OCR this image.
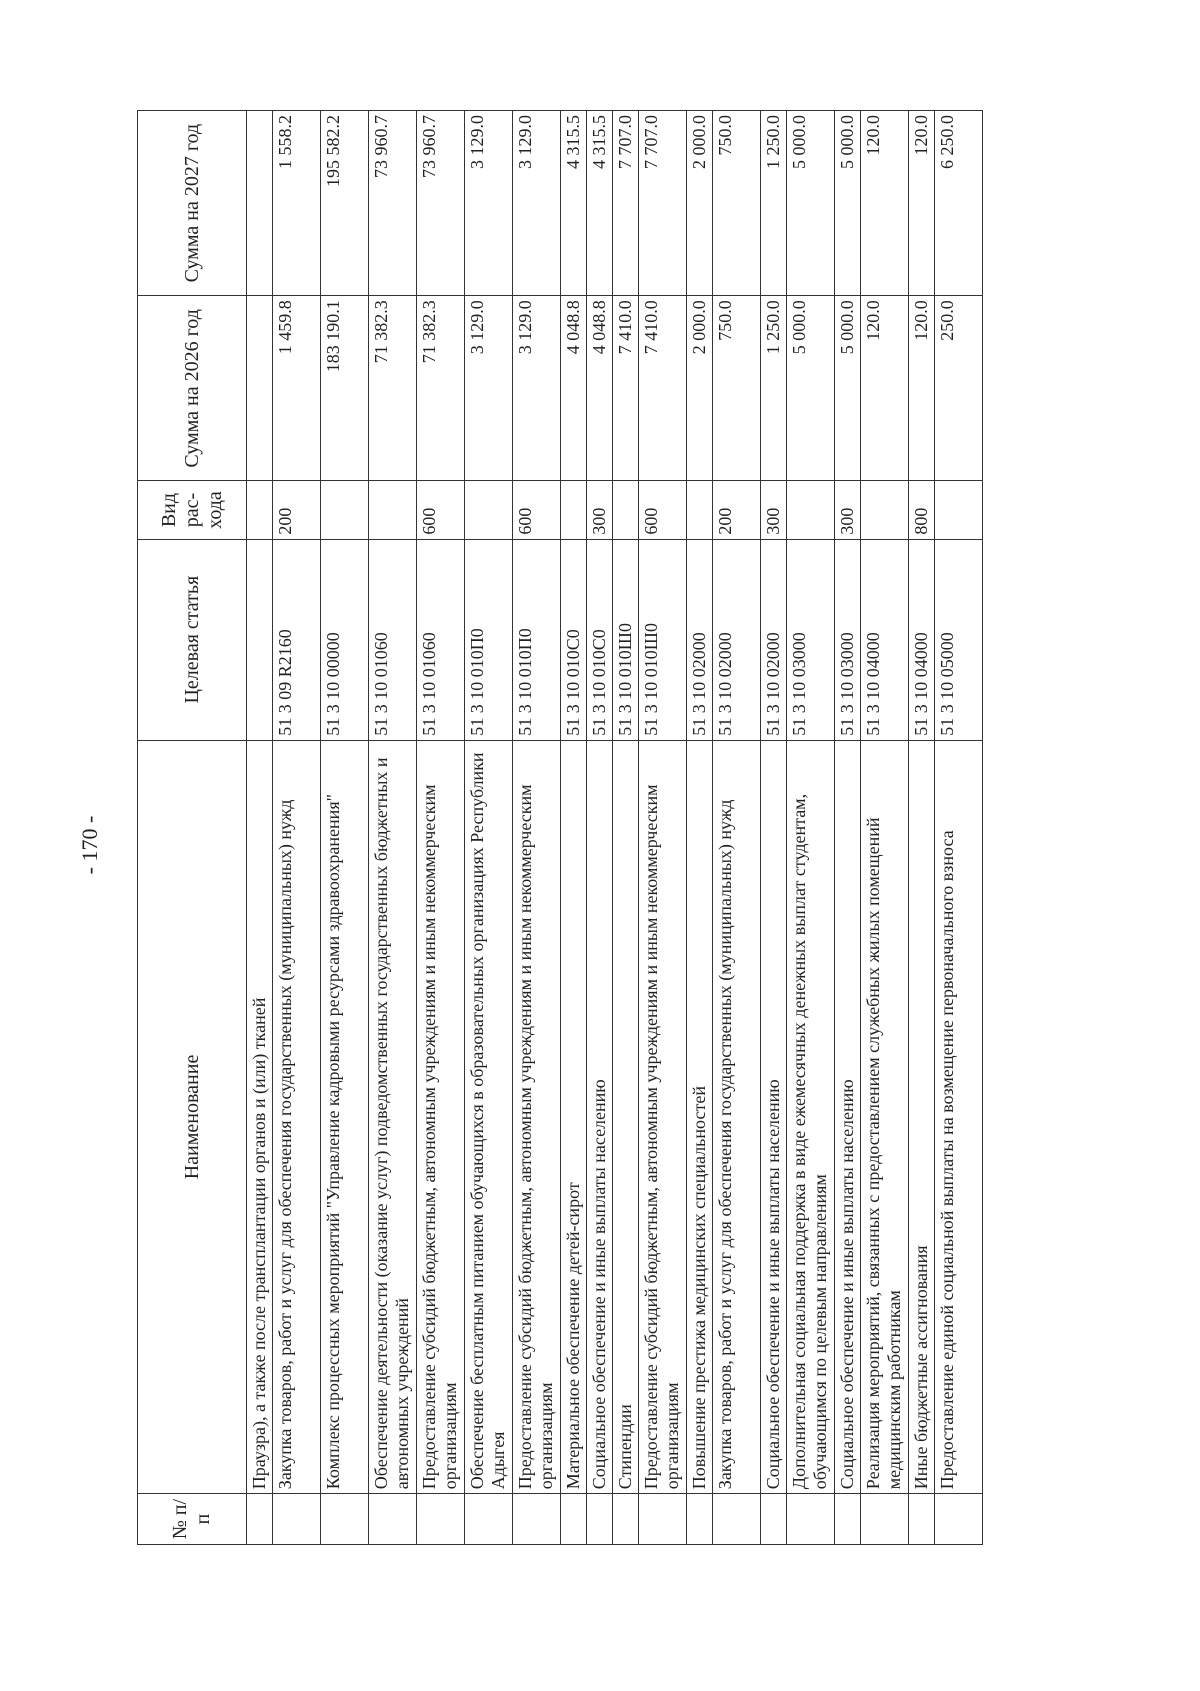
- 170 -
№ п/п	Наименование	Целевая статья	Вид рас- хода	Сумма на 2026 год	Сумма на 2027 год
	Праузра), а также после трансплантации органов и (или) тканей				
	Закупка товаров, работ и услуг для обеспечения государственных (муниципальных) нужд	51 3 09 R2160	200	1 459.8	1 558.2
	Комплекс процессных мероприятий "Управление кадровыми ресурсами здравоохранения"	51 3 10 00000		183 190.1	195 582.2
	Обеспечение деятельности (оказание услуг) подведомственных государственных бюджетных и автономных учреждений	51 3 10 01060		71 382.3	73 960.7
	Предоставление субсидий бюджетным, автономным учреждениям и иным некоммерческим организациям	51 3 10 01060	600	71 382.3	73 960.7
	Обеспечение бесплатным питанием обучающихся в образовательных организациях Республики Адыгея	51 3 10 010П0		3 129.0	3 129.0
	Предоставление субсидий бюджетным, автономным учреждениям и иным некоммерческим организациям	51 3 10 010П0	600	3 129.0	3 129.0
	Материальное обеспечение детей-сирот	51 3 10 010С0		4 048.8	4 315.5
	Социальное обеспечение и иные выплаты населению	51 3 10 010С0	300	4 048.8	4 315.5
	Стипендии	51 3 10 010Ш0		7 410.0	7 707.0
	Предоставление субсидий бюджетным, автономным учреждениям и иным некоммерческим организациям	51 3 10 010Ш0	600	7 410.0	7 707.0
	Повышение престижа медицинских специальностей	51 3 10 02000		2 000.0	2 000.0
	Закупка товаров, работ и услуг для обеспечения государственных (муниципальных) нужд	51 3 10 02000	200	750.0	750.0
	Социальное обеспечение и иные выплаты населению	51 3 10 02000	300	1 250.0	1 250.0
	Дополнительная социальная поддержка в виде ежемесячных денежных выплат студентам, обучающимся по целевым направлениям	51 3 10 03000		5 000.0	5 000.0
	Социальное обеспечение и иные выплаты населению	51 3 10 03000	300	5 000.0	5 000.0
	Реализация мероприятий, связанных с предоставлением служебных жилых помещений медицинским работникам	51 3 10 04000		120.0	120.0
	Иные бюджетные ассигнования	51 3 10 04000	800	120.0	120.0
	Предоставление единой социальной выплаты на возмещение первоначального взноса	51 3 10 05000		250.0	6 250.0
